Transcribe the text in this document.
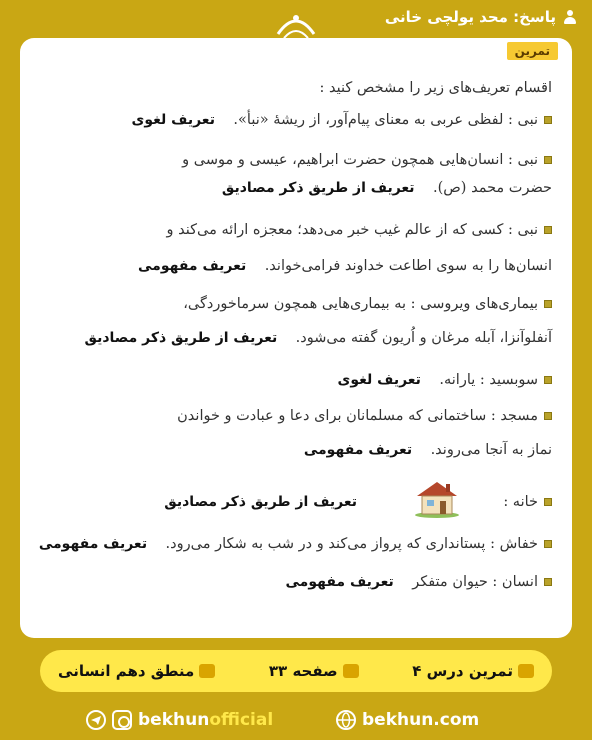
پاسخ: محد یولچی خانی
تمرین
اقسام تعریف‌های زیر را مشخص کنید :
نبی : لفظی عربی به معنای پیام‌آور، از ریشهٔ «نبأ».    تعریف لغوی
نبی : انسان‌هایی همچون حضرت ابراهیم، عیسی و موسی و
حضرت محمد (ص).    تعریف از طریق ذکر مصادیق
نبی : کسی که از عالم غیب خبر می‌دهد؛ معجزه ارائه می‌کند و
انسان‌ها را به سوی اطاعت خداوند فرامی‌خواند.    تعریف مفهومی
بیماری‌های ویروسی : به بیماری‌هایی همچون سرماخوردگی،
آنفلوآنزا، آبله مرغان و اُریون گفته می‌شود.    تعریف از طریق ذکر مصادیق
سوبسید : یارانه.    تعریف لغوی
مسجد : ساختمانی که مسلمانان برای دعا و عبادت و خواندن
نماز به آنجا می‌روند.    تعریف مفهومی
خانه :
تعریف از طریق ذکر مصادیق
خفاش : پستانداری که پرواز می‌کند و در شب به شکار می‌رود.    تعریف مفهومی
انسان : حیوان متفکر    تعریف مفهومی
تمرین درس ۴
صفحه ۳۳
منطق دهم انسانی
bekhunofficial	bekhun.com
